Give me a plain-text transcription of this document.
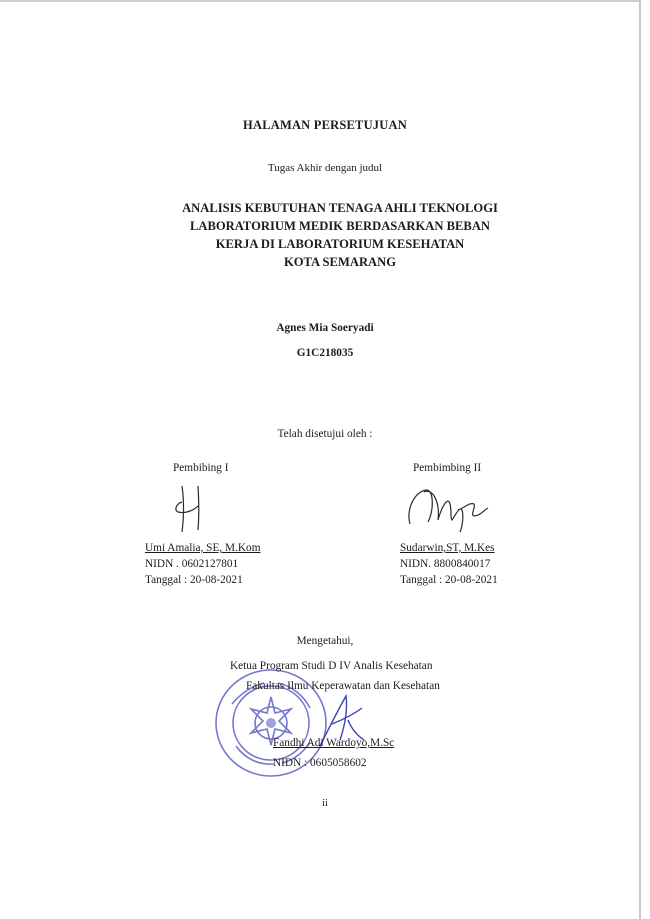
HALAMAN PERSETUJUAN
Tugas Akhir dengan judul
ANALISIS KEBUTUHAN TENAGA AHLI TEKNOLOGI
LABORATORIUM MEDIK BERDASARKAN BEBAN
KERJA DI LABORATORIUM KESEHATAN
KOTA SEMARANG
Agnes Mia Soeryadi
G1C218035
Telah disetujui oleh :
Pembibing I
Umi Amalia, SE, M.Kom
NIDN . 0602127801
Tanggal : 20-08-2021
Pembimbing II
Sudarwin,ST, M.Kes
NIDN. 8800840017
Tanggal : 20-08-2021
Mengetahui,
Ketua Program Studi D IV Analis Kesehatan
Fakultas Ilmu Keperawatan dan Kesehatan
Fandhi Adi Wardoyo,M.Sc
NIDN : 0605058602
ii
